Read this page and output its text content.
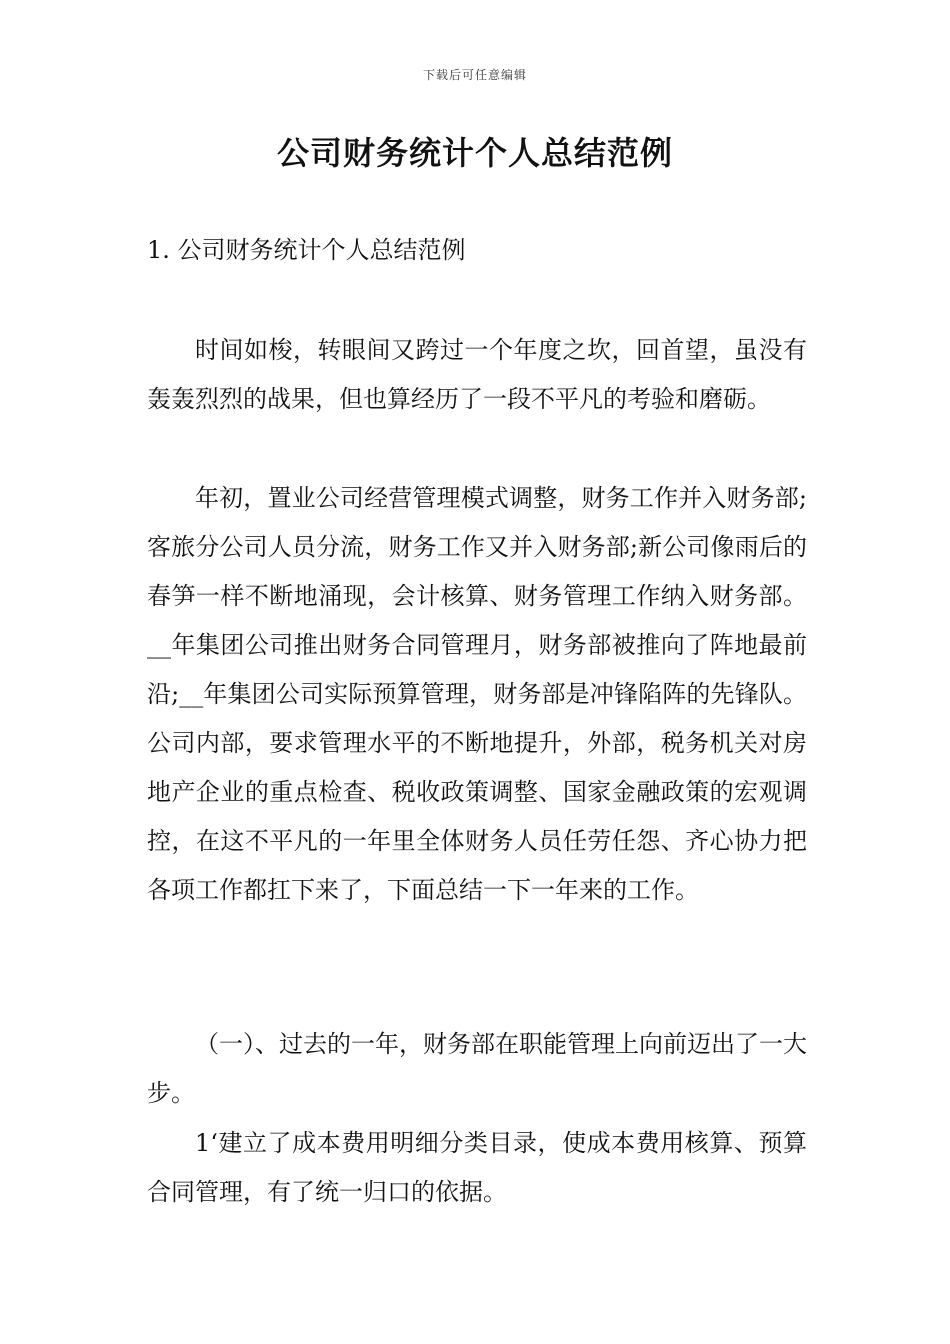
下载后可任意编辑
公司财务统计个人总结范例
1. 公司财务统计个人总结范例

时间如梭，转眼间又跨过一个年度之坎，回首望，虽没有轰轰烈烈的战果，但也算经历了一段不平凡的考验和磨砺。

年初，置业公司经营管理模式调整，财务工作并入财务部;客旅分公司人员分流，财务工作又并入财务部;新公司像雨后的春笋一样不断地涌现，会计核算、财务管理工作纳入财务部。__年集团公司推出财务合同管理月，财务部被推向了阵地最前沿;__年集团公司实际预算管理，财务部是冲锋陷阵的先锋队。公司内部，要求管理水平的不断地提升，外部，税务机关对房地产企业的重点检查、税收政策调整、国家金融政策的宏观调控，在这不平凡的一年里全体财务人员任劳任怨、齐心协力把各项工作都扛下来了，下面总结一下一年来的工作。

（一）、过去的一年，财务部在职能管理上向前迈出了一大步。

1‘建立了成本费用明细分类目录，使成本费用核算、预算合同管理，有了统一归口的依据。
